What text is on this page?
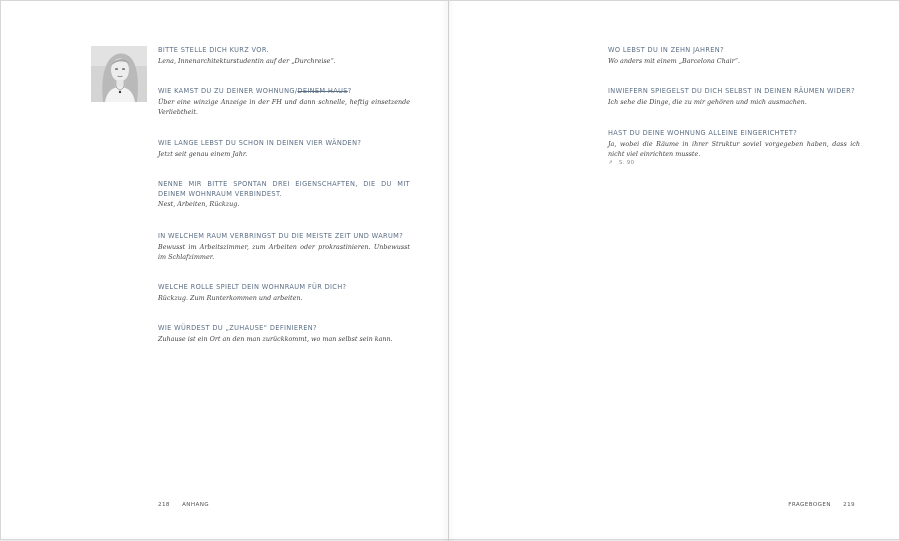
BITTE STELLE DICH KURZ VOR.
Lena, Innenarchitekturstudentin auf der „Durchreise“.
WIE KAMST DU ZU DEINER WOHNUNG/DEINEM HAUS?
Über eine winzige Anzeige in der FH und dann schnelle, heftig einsetzende Verliebtheit.
WIE LANGE LEBST DU SCHON IN DEINEN VIER WÄNDEN?
Jetzt seit genau einem Jahr.
NENNE MIR BITTE SPONTAN DREI EIGENSCHAFTEN, DIE DU MIT DEINEM WOHNRAUM VERBINDEST.
Nest, Arbeiten, Rückzug.
IN WELCHEM RAUM VERBRINGST DU DIE MEISTE ZEIT UND WARUM?
Bewusst im Arbeitszimmer, zum Arbeiten oder prokrastinieren. Unbewusst im Schlafzimmer.
WELCHE ROLLE SPIELT DEIN WOHNRAUM FÜR DICH?
Rückzug. Zum Runterkommen und arbeiten.
WIE WÜRDEST DU „ZUHAUSE“ DEFINIEREN?
Zuhause ist ein Ort an den man zurückkommt, wo man selbst sein kann.
WO LEBST DU IN ZEHN JAHREN?
Wo anders mit einem „Barcelona Chair“.
INWIEFERN SPIEGELST DU DICH SELBST IN DEINEN RÄUMEN WIDER?
Ich sehe die Dinge, die zu mir gehören und mich ausmachen.
HAST DU DEINE WOHNUNG ALLEINE EINGERICHTET?
Ja, wobei die Räume in ihrer Struktur soviel vorgegeben haben, dass ich nicht viel einrichten musste.
↗ S. 90
218 ANHANG	FRAGEBOGEN 219
